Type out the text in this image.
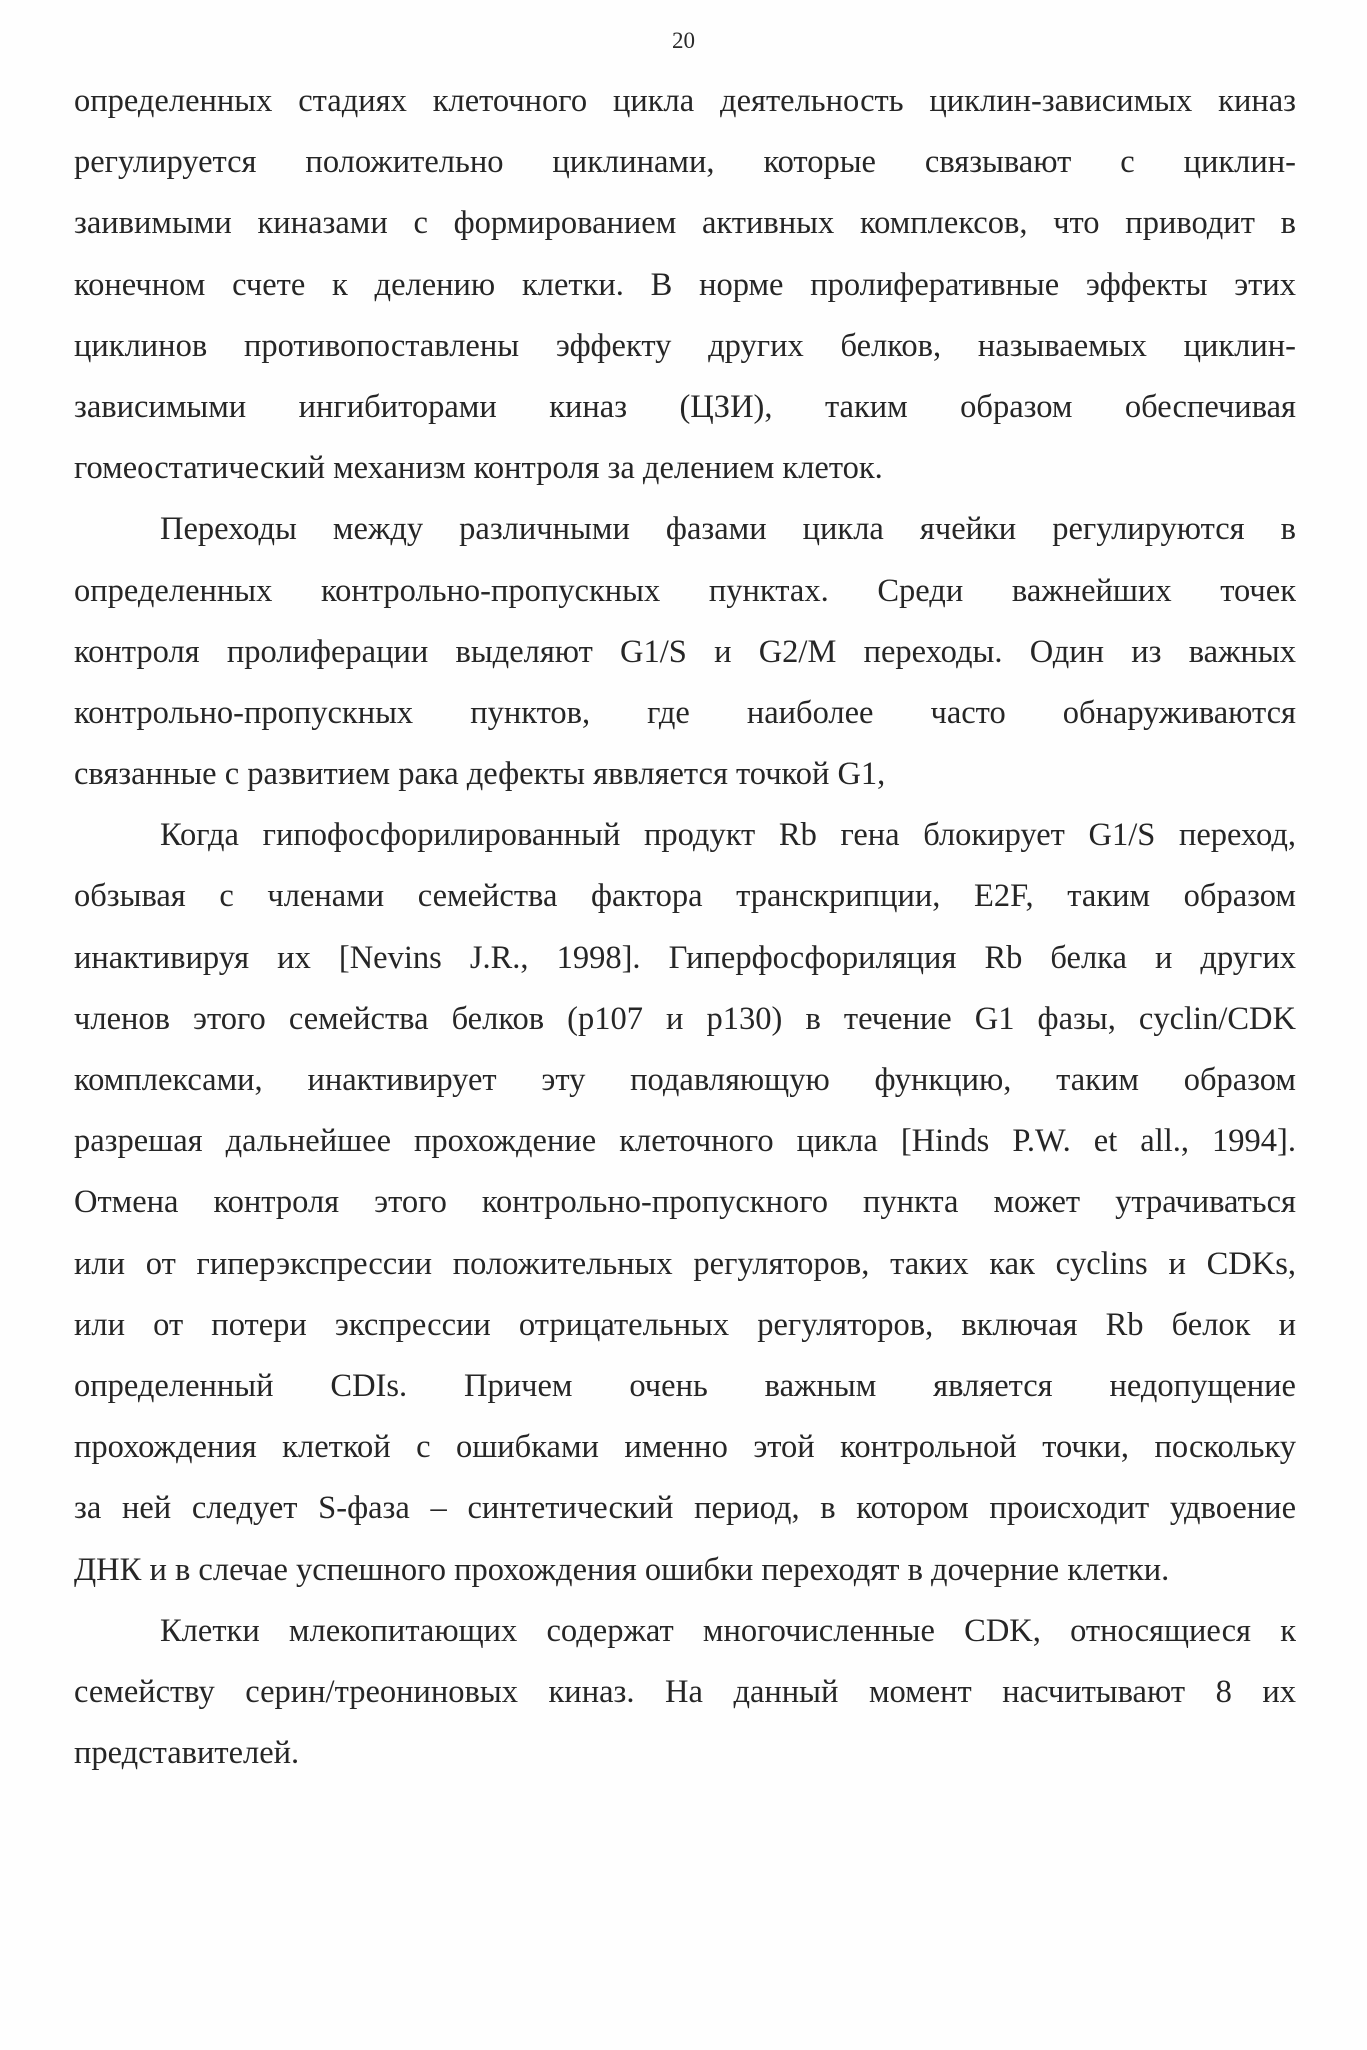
20
определенных стадиях клеточного цикла деятельность циклин-зависимых киназ
регулируется положительно циклинами, которые связывают с циклин-
заивимыми киназами с формированием активных комплексов, что приводит в
конечном счете к делению клетки. В норме пролиферативные эффекты этих
циклинов противопоставлены эффекту других белков, называемых циклин-
зависимыми ингибиторами киназ (ЦЗИ), таким образом обеспечивая
гомеостатический механизм контроля за делением клеток.
Переходы между различными фазами цикла ячейки регулируются в
определенных контрольно-пропускных пунктах. Среди важнейших точек
контроля пролиферации выделяют G1/S и G2/M переходы. Один из важных
контрольно-пропускных пунктов, где наиболее часто обнаруживаются
связанные с развитием рака дефекты яввляется точкой G1,
Когда гипофосфорилированный продукт Rb гена блокирует G1/S переход,
обзывая с членами семейства фактора транскрипции, E2F, таким образом
инактивируя их [Nevins J.R., 1998]. Гиперфосфориляция Rb белка и других
членов этого семейства белков (p107 и p130) в течение G1 фазы, cyclin/CDK
комплексами, инактивирует эту подавляющую функцию, таким образом
разрешая дальнейшее прохождение клеточного цикла [Hinds P.W. et all., 1994].
Отмена контроля этого контрольно-пропускного пункта может утрачиваться
или от гиперэкспрессии положительных регуляторов, таких как cyclins и CDKs,
или от потери экспрессии отрицательных регуляторов, включая Rb белок и
определенный CDIs. Причем очень важным является недопущение
прохождения клеткой с ошибками именно этой контрольной точки, поскольку
за ней следует S-фаза – синтетический период, в котором происходит удвоение
ДНК и в слечае успешного прохождения ошибки переходят в дочерние клетки.
Клетки млекопитающих содержат многочисленные CDK, относящиеся к
семейству серин/треониновых киназ. На данный момент насчитывают 8 их
представителей.
